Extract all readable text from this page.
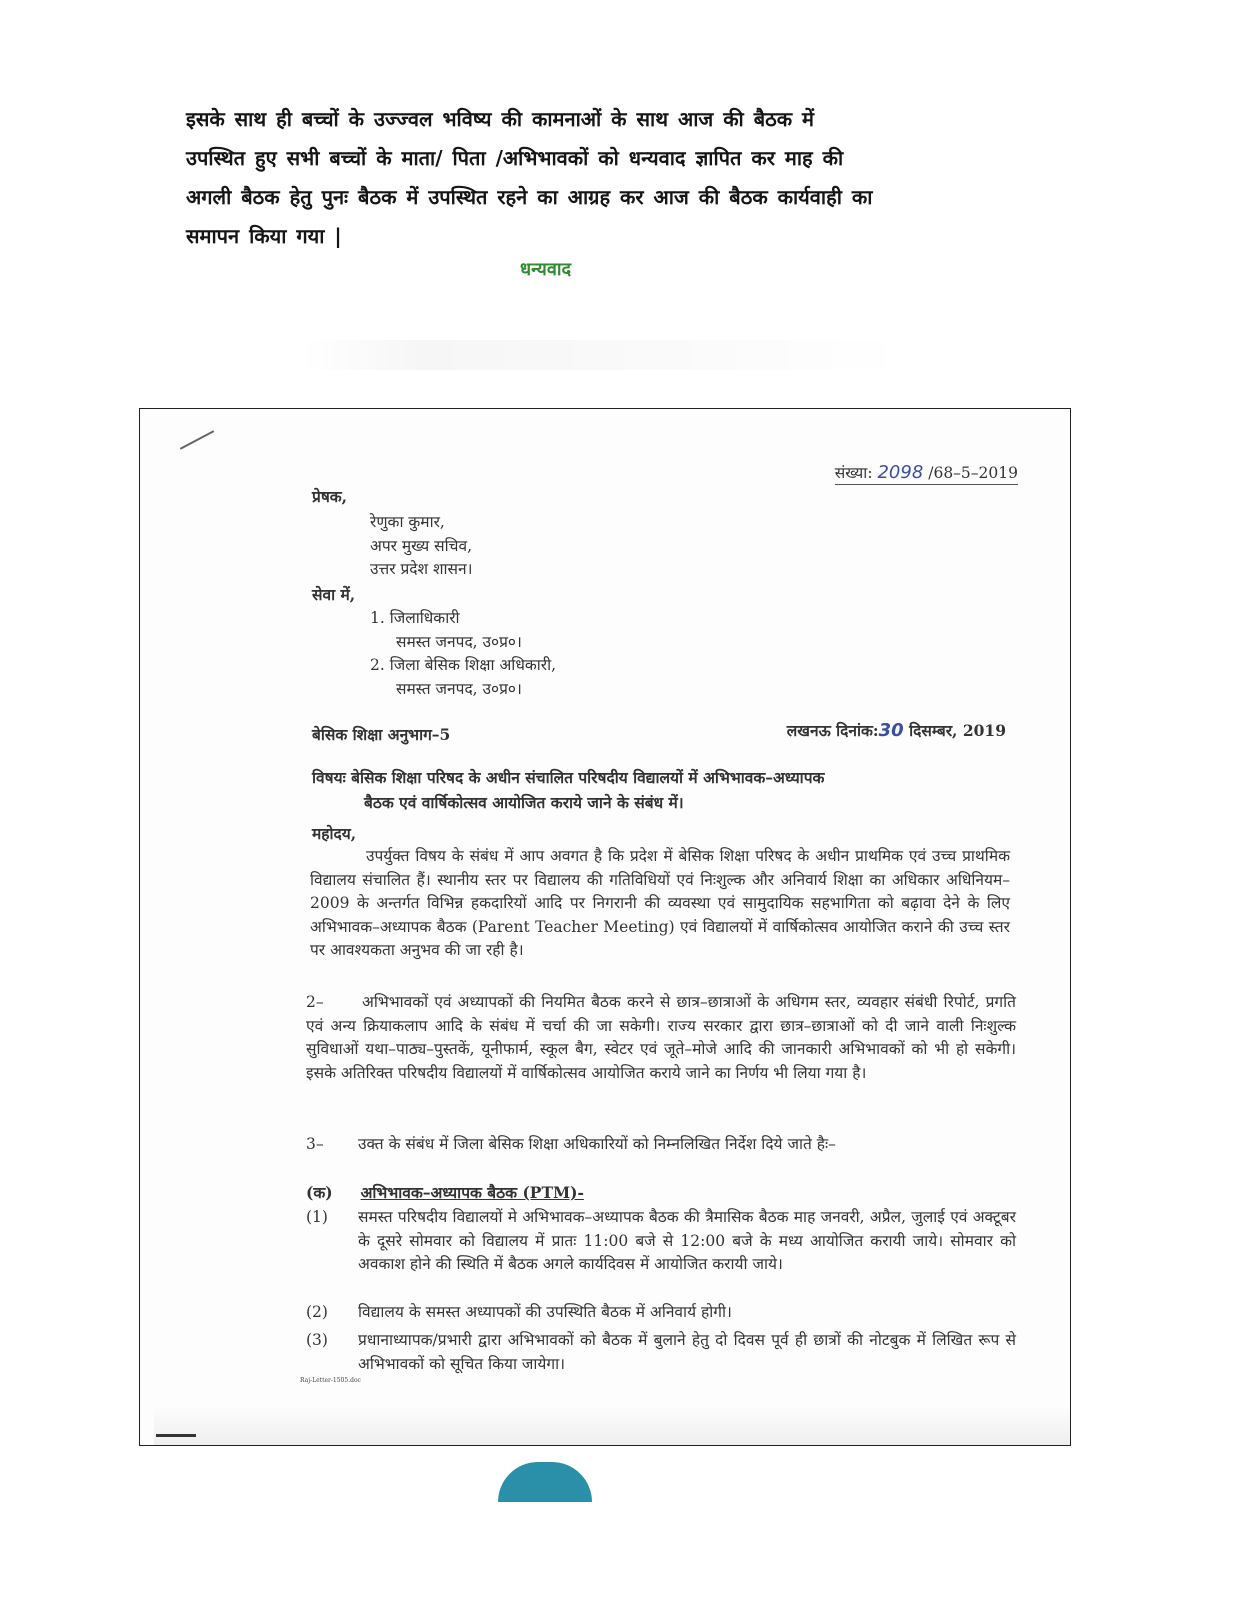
इसके साथ ही बच्चों के उज्ज्वल भविष्य की कामनाओं के साथ आज की बैठक में
उपस्थित हुए सभी बच्चों के माता/ पिता /अभिभावकों को धन्यवाद ज्ञापित कर माह की
अगली बैठक हेतु पुनः बैठक में उपस्थित रहने का आग्रह कर आज की बैठक कार्यवाही का
समापन किया गया |
धन्यवाद
संख्या: 2098 /68–5–2019
प्रेषक,
रेणुका कुमार,
अपर मुख्य सचिव,
उत्तर प्रदेश शासन।
सेवा में,
1. जिलाधिकारी
समस्त जनपद, उ०प्र०।
2. जिला बेसिक शिक्षा अधिकारी,
समस्त जनपद, उ०प्र०।
बेसिक शिक्षा अनुभाग–5	लखनऊ दिनांक:30 दिसम्बर, 2019
विषयः बेसिक शिक्षा परिषद के अधीन संचालित परिषदीय विद्यालयों में अभिभावक–अध्यापक
बैठक एवं वार्षिकोत्सव आयोजित कराये जाने के संबंध में।
महोदय,
उपर्युक्त विषय के संबंध में आप अवगत है कि प्रदेश में बेसिक शिक्षा परिषद के अधीन प्राथमिक एवं उच्च प्राथमिक विद्यालय संचालित हैं। स्थानीय स्तर पर विद्यालय की गतिविधियों एवं निःशुल्क और अनिवार्य शिक्षा का अधिकार अधिनियम–2009 के अन्तर्गत विभिन्न हकदारियों आदि पर निगरानी की व्यवस्था एवं सामुदायिक सहभागिता को बढ़ावा देने के लिए अभिभावक–अध्यापक बैठक (Parent Teacher Meeting) एवं विद्यालयों में वार्षिकोत्सव आयोजित कराने की उच्च स्तर पर आवश्यकता अनुभव की जा रही है।
2–	अभिभावकों एवं अध्यापकों की नियमित बैठक करने से छात्र–छात्राओं के अधिगम स्तर, व्यवहार संबंधी रिपोर्ट, प्रगति एवं अन्य क्रियाकलाप आदि के संबंध में चर्चा की जा सकेगी। राज्य सरकार द्वारा छात्र–छात्राओं को दी जाने वाली निःशुल्क सुविधाओं यथा–पाठ्य–पुस्तकें, यूनीफार्म, स्कूल बैग, स्वेटर एवं जूते–मोजे आदि की जानकारी अभिभावकों को भी हो सकेगी। इसके अतिरिक्त परिषदीय विद्यालयों में वार्षिकोत्सव आयोजित कराये जाने का निर्णय भी लिया गया है।
3–	उक्त के संबंध में जिला बेसिक शिक्षा अधिकारियों को निम्नलिखित निर्देश दिये जाते हैः–
(क) अभिभावक–अध्यापक बैठक (PTM)-
(1) समस्त परिषदीय विद्यालयों मे अभिभावक–अध्यापक बैठक की त्रैमासिक बैठक माह जनवरी, अप्रैल, जुलाई एवं अक्टूबर के दूसरे सोमवार को विद्यालय में प्रातः 11:00 बजे से 12:00 बजे के मध्य आयोजित करायी जाये। सोमवार को अवकाश होने की स्थिति में बैठक अगले कार्यदिवस में आयोजित करायी जाये।
(2) विद्यालय के समस्त अध्यापकों की उपस्थिति बैठक में अनिवार्य होगी।
(3) प्रधानाध्यापक/प्रभारी द्वारा अभिभावकों को बैठक में बुलाने हेतु दो दिवस पूर्व ही छात्रों की नोटबुक में लिखित रूप से अभिभावकों को सूचित किया जायेगा।
Raj-Letter-1505.doc
